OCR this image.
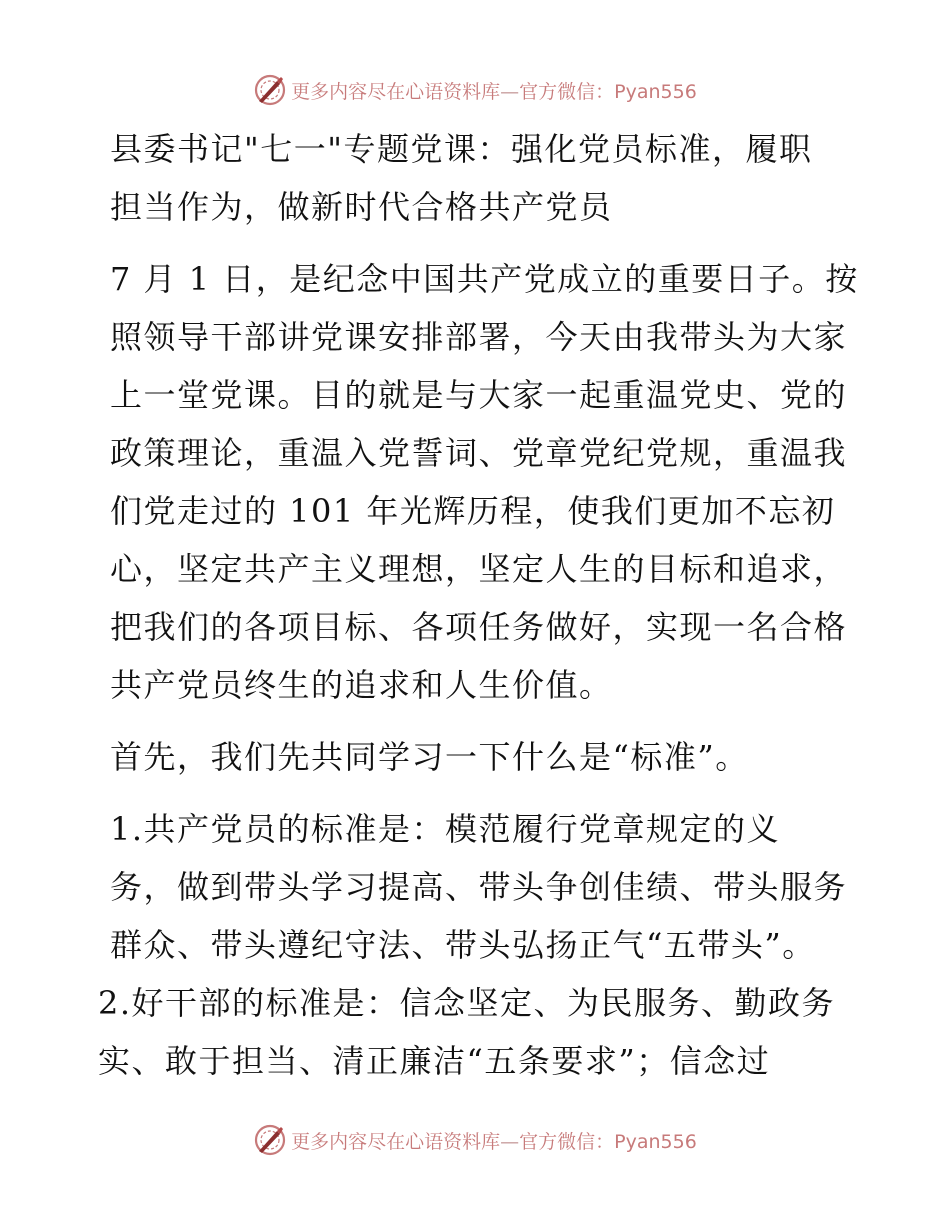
更多内容尽在心语资料库—官方微信：Pyan556

县委书记"七一"专题党课：强化党员标准，履职
担当作为，做新时代合格共产党员

7 月 1 日，是纪念中国共产党成立的重要日子。按
照领导干部讲党课安排部署，今天由我带头为大家
上一堂党课。目的就是与大家一起重温党史、党的
政策理论，重温入党誓词、党章党纪党规，重温我
们党走过的 101 年光辉历程，使我们更加不忘初
心，坚定共产主义理想，坚定人生的目标和追求，
把我们的各项目标、各项任务做好，实现一名合格
共产党员终生的追求和人生价值。

首先，我们先共同学习一下什么是“标准”。

1.共产党员的标准是：模范履行党章规定的义
务，做到带头学习提高、带头争创佳绩、带头服务
群众、带头遵纪守法、带头弘扬正气“五带头”。

2.好干部的标准是：信念坚定、为民服务、勤政务
实、敢于担当、清正廉洁“五条要求”；信念过

更多内容尽在心语资料库—官方微信：Pyan556
